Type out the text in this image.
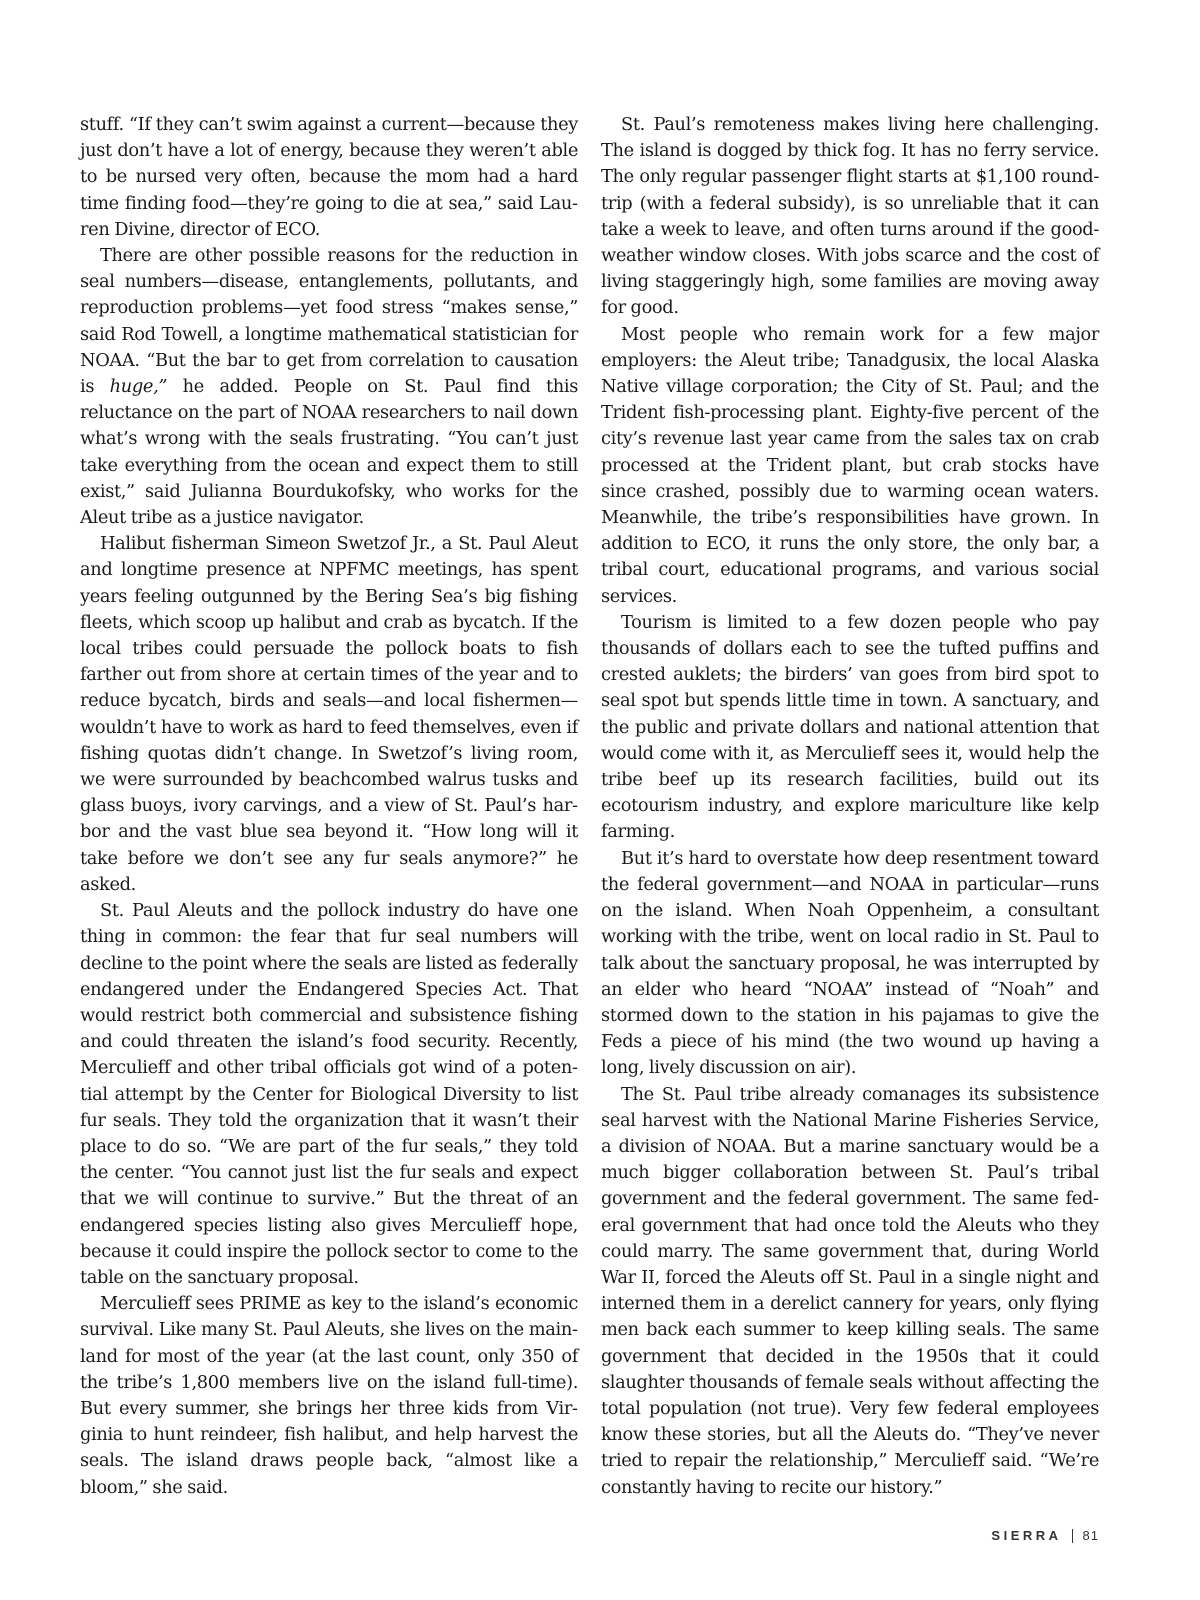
stuff. “If they can’t swim against a current—because they just don’t have a lot of energy, because they weren’t able to be nursed very often, because the mom had a hard time finding food—they’re going to die at sea,” said Lauren Divine, director of ECO.

There are other possible reasons for the reduction in seal numbers—disease, entanglements, pollutants, and reproduction problems—yet food stress “makes sense,” said Rod Towell, a longtime mathematical statistician for NOAA. “But the bar to get from correlation to causation is huge,” he added. People on St. Paul find this reluctance on the part of NOAA researchers to nail down what’s wrong with the seals frustrating. “You can’t just take everything from the ocean and expect them to still exist,” said Julianna Bourdukofsky, who works for the Aleut tribe as a justice navigator.

Halibut fisherman Simeon Swetzof Jr., a St. Paul Aleut and longtime presence at NPFMC meetings, has spent years feeling outgunned by the Bering Sea’s big fishing fleets, which scoop up halibut and crab as bycatch. If the local tribes could persuade the pollock boats to fish farther out from shore at certain times of the year and to reduce bycatch, birds and seals—and local fishermen—wouldn’t have to work as hard to feed themselves, even if fishing quotas didn’t change. In Swetzof’s living room, we were surrounded by beachcombed walrus tusks and glass buoys, ivory carvings, and a view of St. Paul’s harbor and the vast blue sea beyond it. “How long will it take before we don’t see any fur seals anymore?” he asked.

St. Paul Aleuts and the pollock industry do have one thing in common: the fear that fur seal numbers will decline to the point where the seals are listed as federally endangered under the Endangered Species Act. That would restrict both commercial and subsistence fishing and could threaten the island’s food security. Recently, Merculieff and other tribal officials got wind of a potential attempt by the Center for Biological Diversity to list fur seals. They told the organization that it wasn’t their place to do so. “We are part of the fur seals,” they told the center. “You cannot just list the fur seals and expect that we will continue to survive.” But the threat of an endangered species listing also gives Merculieff hope, because it could inspire the pollock sector to come to the table on the sanctuary proposal.

Merculieff sees PRIME as key to the island’s economic survival. Like many St. Paul Aleuts, she lives on the mainland for most of the year (at the last count, only 350 of the tribe’s 1,800 members live on the island full-time). But every summer, she brings her three kids from Virginia to hunt reindeer, fish halibut, and help harvest the seals. The island draws people back, “almost like a bloom,” she said.

St. Paul’s remoteness makes living here challenging. The island is dogged by thick fog. It has no ferry service. The only regular passenger flight starts at $1,100 round-trip (with a federal subsidy), is so unreliable that it can take a week to leave, and often turns around if the good-weather window closes. With jobs scarce and the cost of living staggeringly high, some families are moving away for good.

Most people who remain work for a few major employers: the Aleut tribe; Tanadgusix, the local Alaska Native village corporation; the City of St. Paul; and the Trident fish-processing plant. Eighty-five percent of the city’s revenue last year came from the sales tax on crab processed at the Trident plant, but crab stocks have since crashed, possibly due to warming ocean waters. Meanwhile, the tribe’s responsibilities have grown. In addition to ECO, it runs the only store, the only bar, a tribal court, educational programs, and various social services.

Tourism is limited to a few dozen people who pay thousands of dollars each to see the tufted puffins and crested auklets; the birders’ van goes from bird spot to seal spot but spends little time in town. A sanctuary, and the public and private dollars and national attention that would come with it, as Merculieff sees it, would help the tribe beef up its research facilities, build out its ecotourism industry, and explore mariculture like kelp farming.

But it’s hard to overstate how deep resentment toward the federal government—and NOAA in particular—runs on the island. When Noah Oppenheim, a consultant working with the tribe, went on local radio in St. Paul to talk about the sanctuary proposal, he was interrupted by an elder who heard “NOAA” instead of “Noah” and stormed down to the station in his pajamas to give the Feds a piece of his mind (the two wound up having a long, lively discussion on air).

The St. Paul tribe already comanages its subsistence seal harvest with the National Marine Fisheries Service, a division of NOAA. But a marine sanctuary would be a much bigger collaboration between St. Paul’s tribal government and the federal government. The same federal government that had once told the Aleuts who they could marry. The same government that, during World War II, forced the Aleuts off St. Paul in a single night and interned them in a derelict cannery for years, only flying men back each summer to keep killing seals. The same government that decided in the 1950s that it could slaughter thousands of female seals without affecting the total population (not true). Very few federal employees know these stories, but all the Aleuts do. “They’ve never tried to repair the relationship,” Merculieff said. “We’re constantly having to recite our history.”

SIERRA 81
